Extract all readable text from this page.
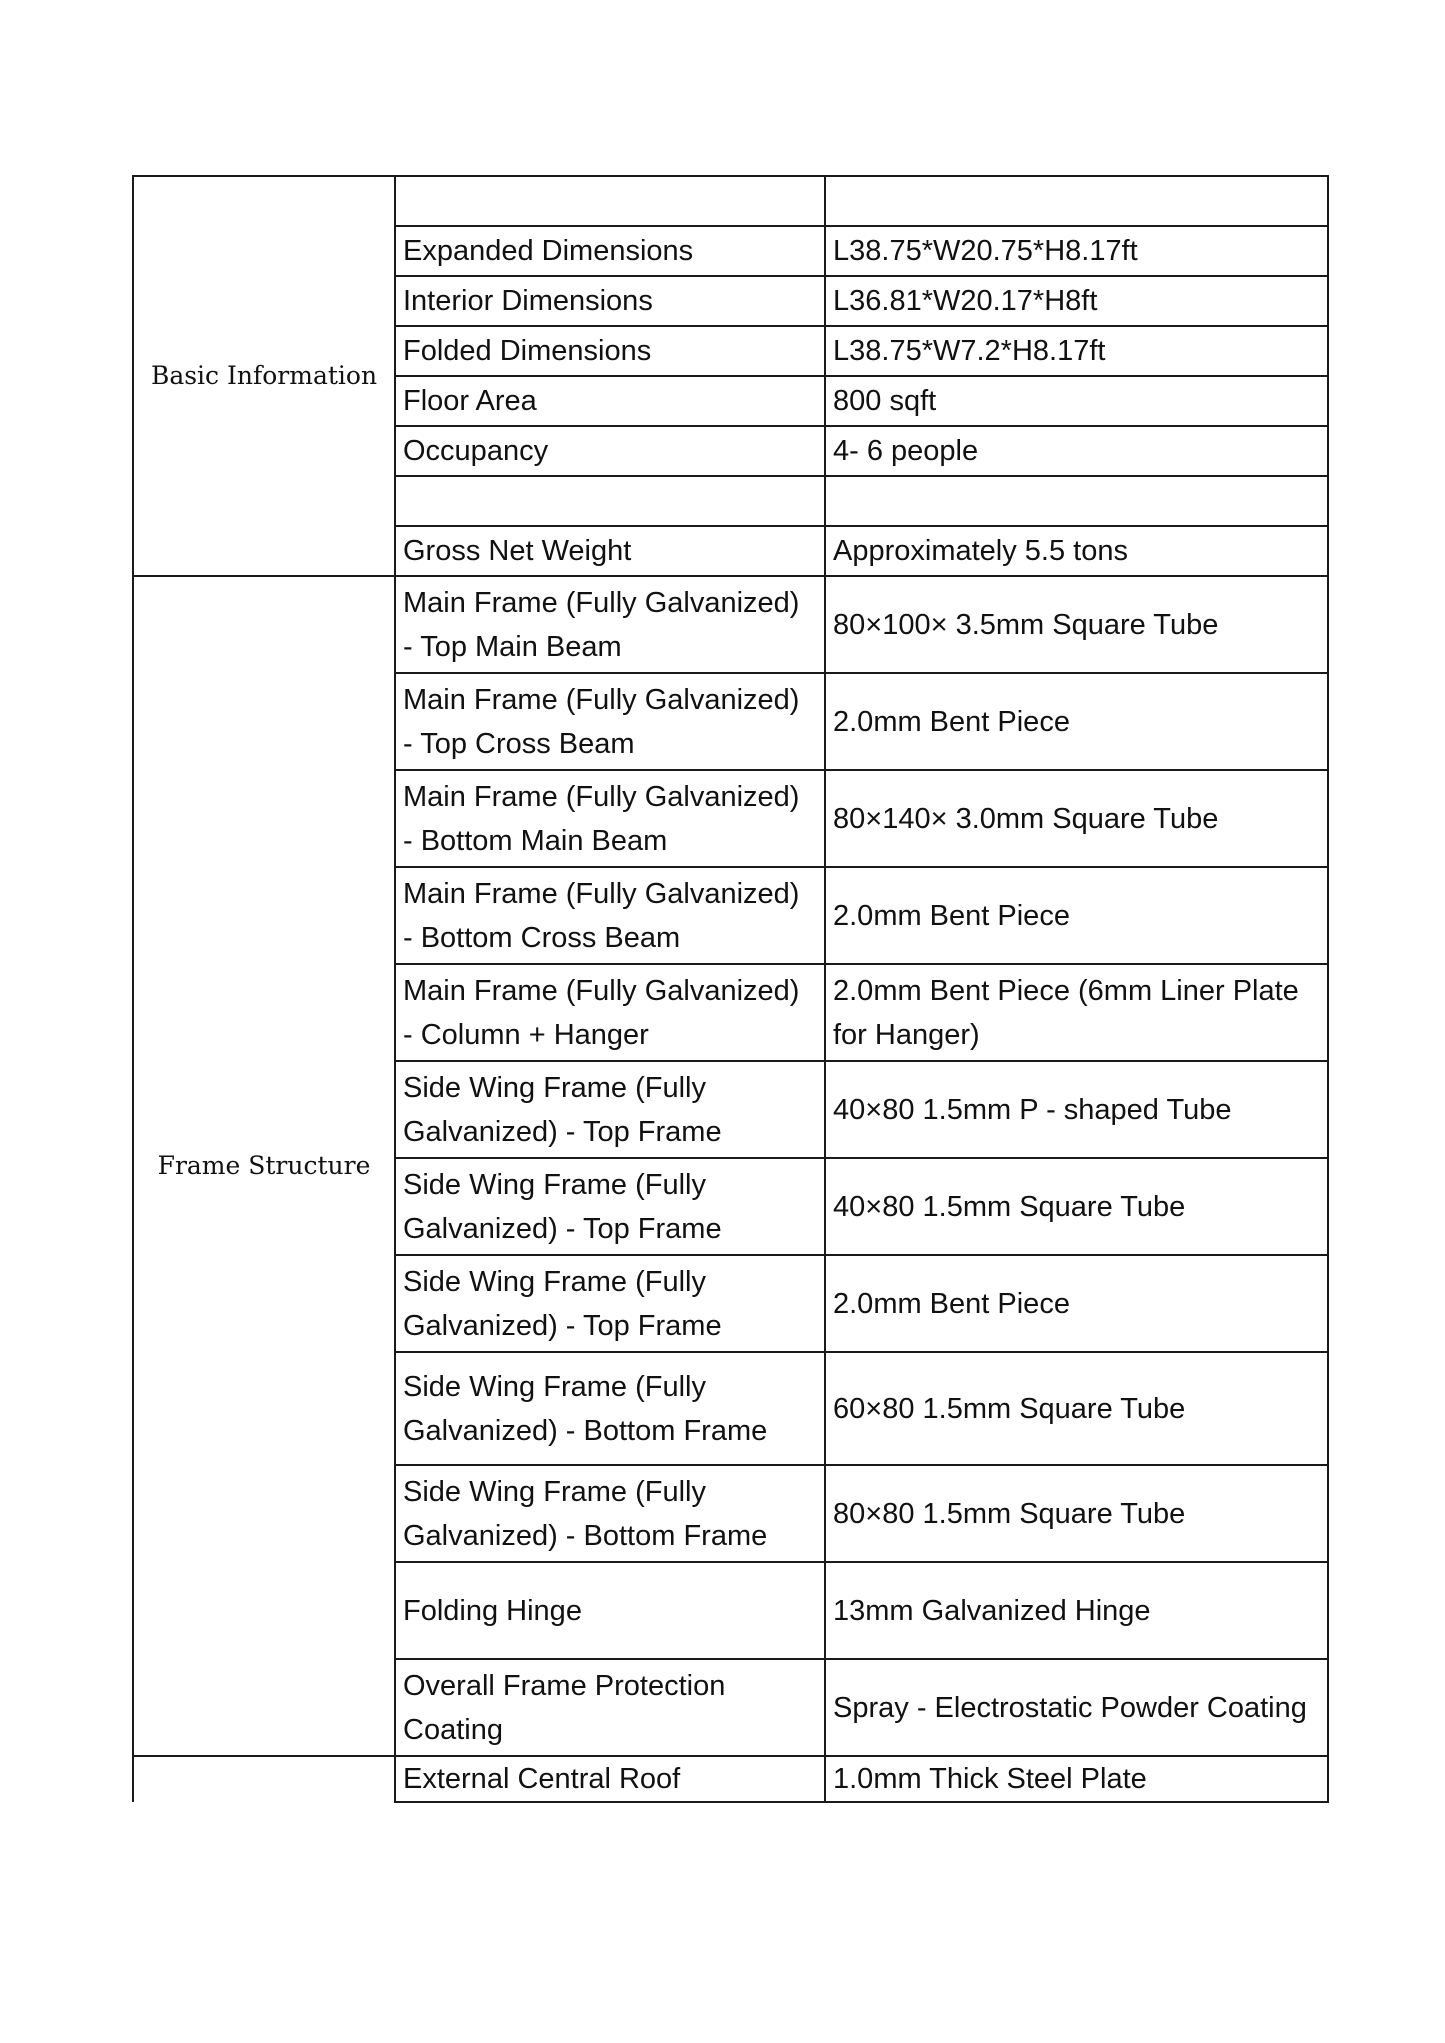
Basic Information		
	Expanded Dimensions	L38.75*W20.75*H8.17ft
	Interior Dimensions	L36.81*W20.17*H8ft
	Folded Dimensions	L38.75*W7.2*H8.17ft
	Floor Area	800 sqft
	Occupancy	4- 6 people

	Gross Net Weight	Approximately 5.5 tons
Frame Structure	Main Frame (Fully Galvanized) - Top Main Beam	80×100× 3.5mm Square Tube
	Main Frame (Fully Galvanized) - Top Cross Beam	2.0mm Bent Piece
	Main Frame (Fully Galvanized) - Bottom Main Beam	80×140× 3.0mm Square Tube
	Main Frame (Fully Galvanized) - Bottom Cross Beam	2.0mm Bent Piece
	Main Frame (Fully Galvanized) - Column + Hanger	2.0mm Bent Piece (6mm Liner Plate for Hanger)
	Side Wing Frame (Fully Galvanized) - Top Frame	40×80 1.5mm P - shaped Tube
	Side Wing Frame (Fully Galvanized) - Top Frame	40×80 1.5mm Square Tube
	Side Wing Frame (Fully Galvanized) - Top Frame	2.0mm Bent Piece
	Side Wing Frame (Fully Galvanized) - Bottom Frame	60×80 1.5mm Square Tube
	Side Wing Frame (Fully Galvanized) - Bottom Frame	80×80 1.5mm Square Tube
	Folding Hinge	13mm Galvanized Hinge
	Overall Frame Protection Coating	Spray - Electrostatic Powder Coating
	External Central Roof	1.0mm Thick Steel Plate
